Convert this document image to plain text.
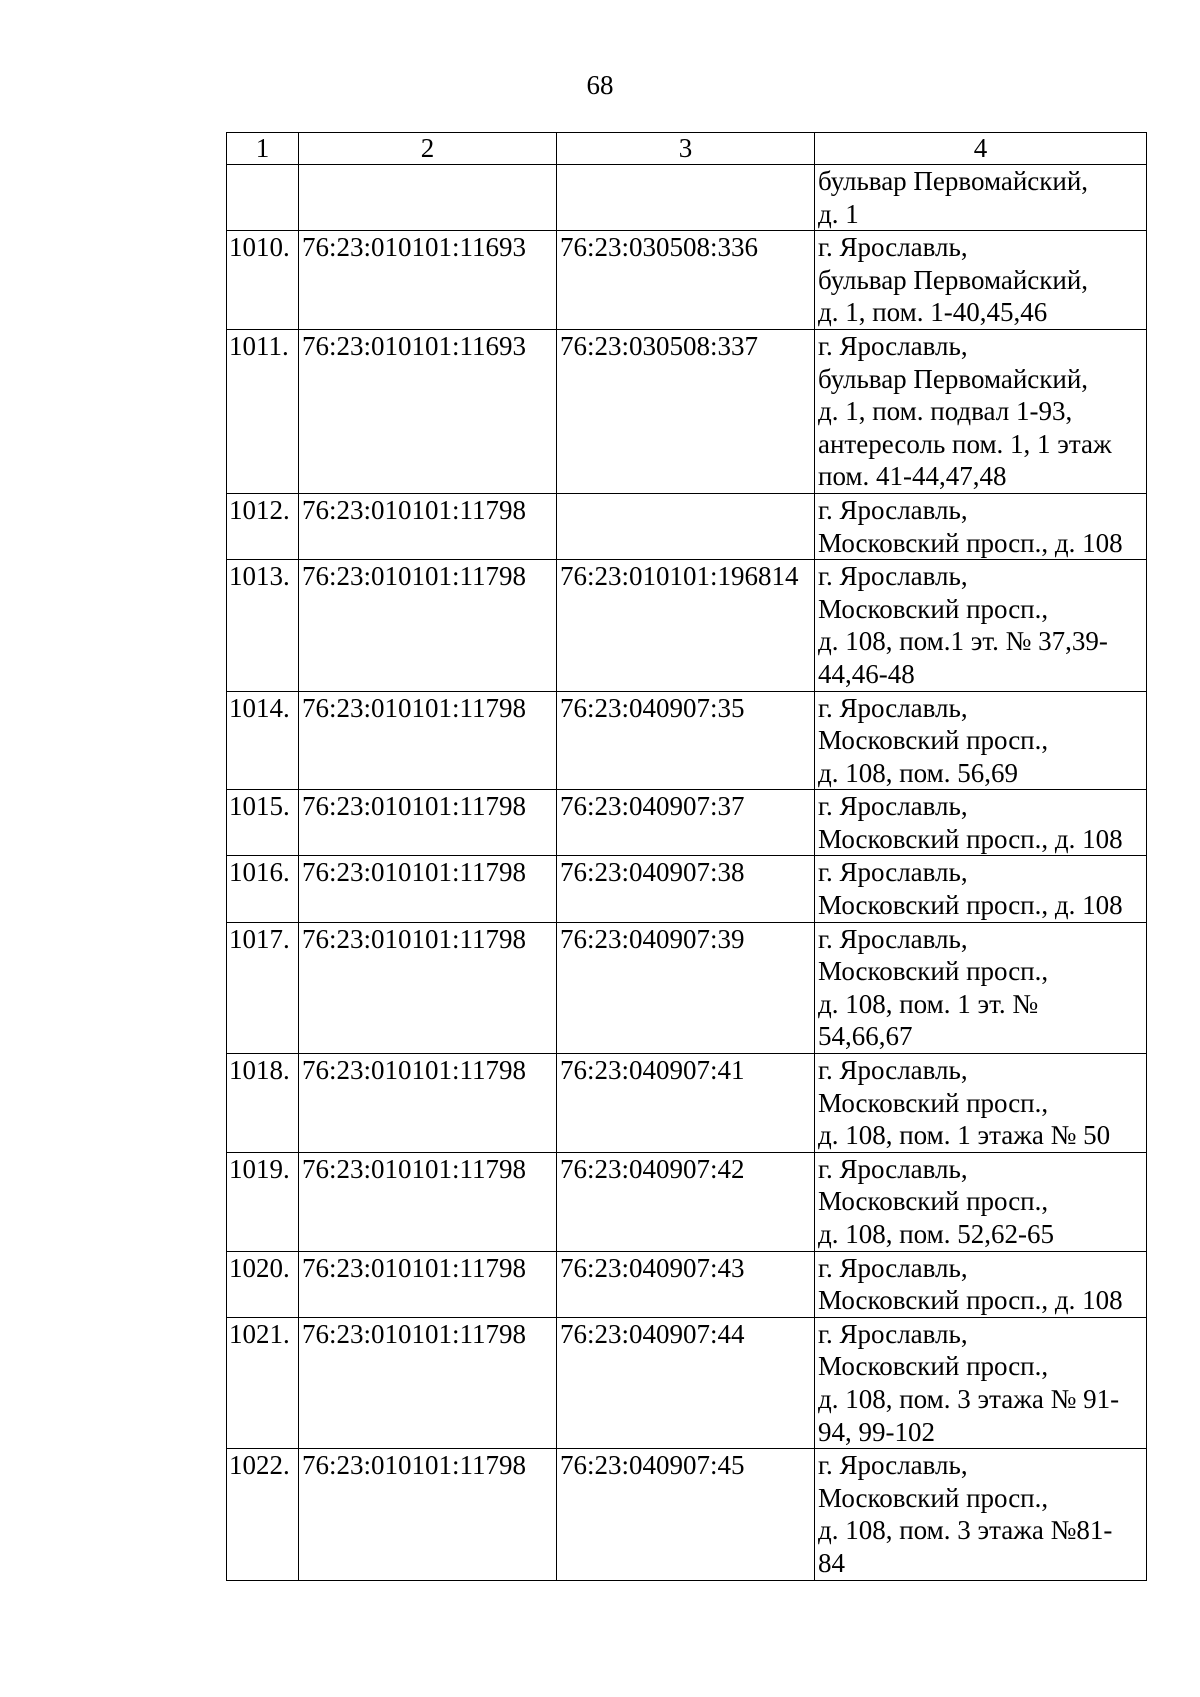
68
1	2	3	4

			бульвар Первомайский,
д. 1

1010.	76:23:010101:11693	76:23:030508:336	г. Ярославль,
бульвар Первомайский,
д. 1, пом. 1-40,45,46

1011.	76:23:010101:11693	76:23:030508:337	г. Ярославль,
бульвар Первомайский,
д. 1, пом. подвал 1-93,
антересоль пом. 1, 1 этаж
пом. 41-44,47,48

1012.	76:23:010101:11798		г. Ярославль,
Московский просп., д. 108

1013.	76:23:010101:11798	76:23:010101:196814	г. Ярославль,
Московский просп.,
д. 108, пом.1 эт. № 37,39-
44,46-48

1014.	76:23:010101:11798	76:23:040907:35	г. Ярославль,
Московский просп.,
д. 108, пом. 56,69

1015.	76:23:010101:11798	76:23:040907:37	г. Ярославль,
Московский просп., д. 108

1016.	76:23:010101:11798	76:23:040907:38	г. Ярославль,
Московский просп., д. 108

1017.	76:23:010101:11798	76:23:040907:39	г. Ярославль,
Московский просп.,
д. 108, пом. 1 эт. №
54,66,67

1018.	76:23:010101:11798	76:23:040907:41	г. Ярославль,
Московский просп.,
д. 108, пом. 1 этажа № 50

1019.	76:23:010101:11798	76:23:040907:42	г. Ярославль,
Московский просп.,
д. 108, пом. 52,62-65

1020.	76:23:010101:11798	76:23:040907:43	г. Ярославль,
Московский просп., д. 108

1021.	76:23:010101:11798	76:23:040907:44	г. Ярославль,
Московский просп.,
д. 108, пом. 3 этажа № 91-
94, 99-102

1022.	76:23:010101:11798	76:23:040907:45	г. Ярославль,
Московский просп.,
д. 108, пом. 3 этажа №81-
84
